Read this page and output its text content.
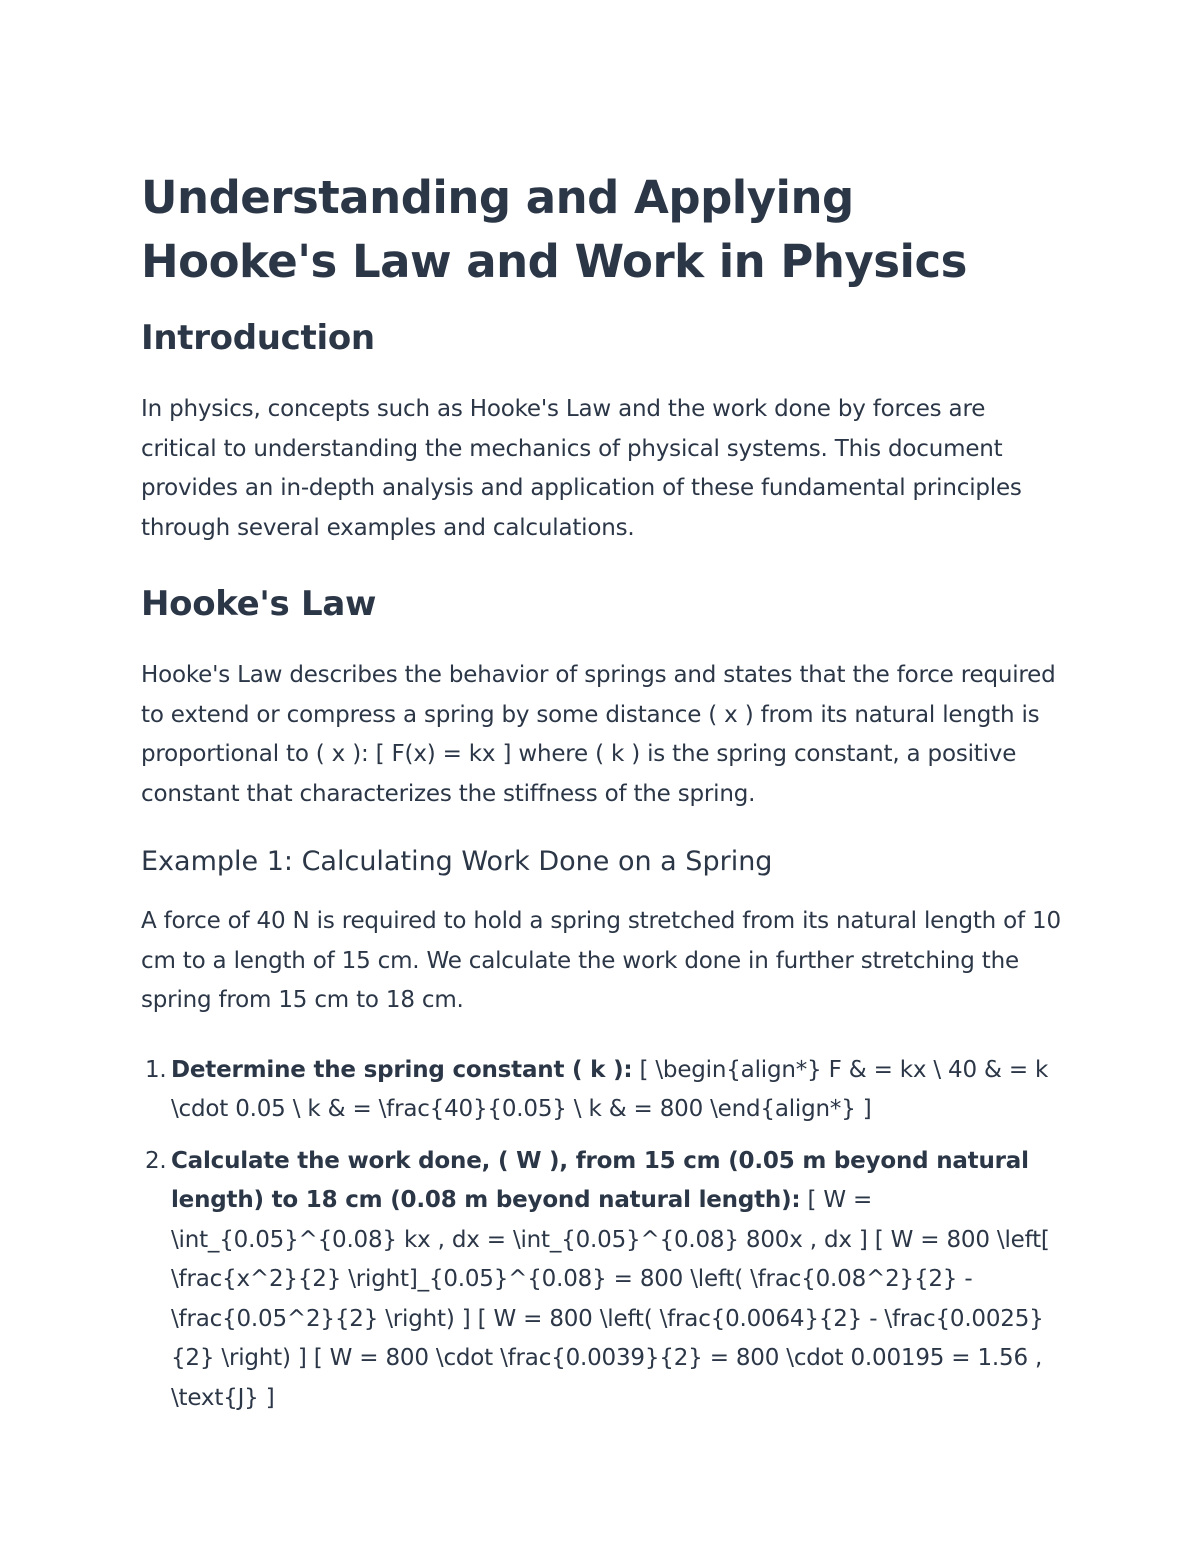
Understanding and Applying Hooke's Law and Work in Physics
Introduction

In physics, concepts such as Hooke's Law and the work done by forces are critical to understanding the mechanics of physical systems. This document provides an in-depth analysis and application of these fundamental principles through several examples and calculations.

Hooke's Law

Hooke's Law describes the behavior of springs and states that the force required to extend or compress a spring by some distance ( x ) from its natural length is proportional to ( x ): [ F(x) = kx ] where ( k ) is the spring constant, a positive constant that characterizes the stiffness of the spring.

Example 1: Calculating Work Done on a Spring

A force of 40 N is required to hold a spring stretched from its natural length of 10 cm to a length of 15 cm. We calculate the work done in further stretching the spring from 15 cm to 18 cm.

1. Determine the spring constant ( k ): [ \begin{align*} F & = kx \ 40 & = k \cdot 0.05 \ k & = \frac{40}{0.05} \ k & = 800 \end{align*} ]
2. Calculate the work done, ( W ), from 15 cm (0.05 m beyond natural length) to 18 cm (0.08 m beyond natural length): [ W = \int_{0.05}^{0.08} kx , dx = \int_{0.05}^{0.08} 800x , dx ] [ W = 800 \left[ \frac{x^2}{2} \right]_{0.05}^{0.08} = 800 \left( \frac{0.08^2}{2} - \frac{0.05^2}{2} \right) ] [ W = 800 \left( \frac{0.0064}{2} - \frac{0.0025}{2} \right) ] [ W = 800 \cdot \frac{0.0039}{2} = 800 \cdot 0.00195 = 1.56 , \text{J} ]
